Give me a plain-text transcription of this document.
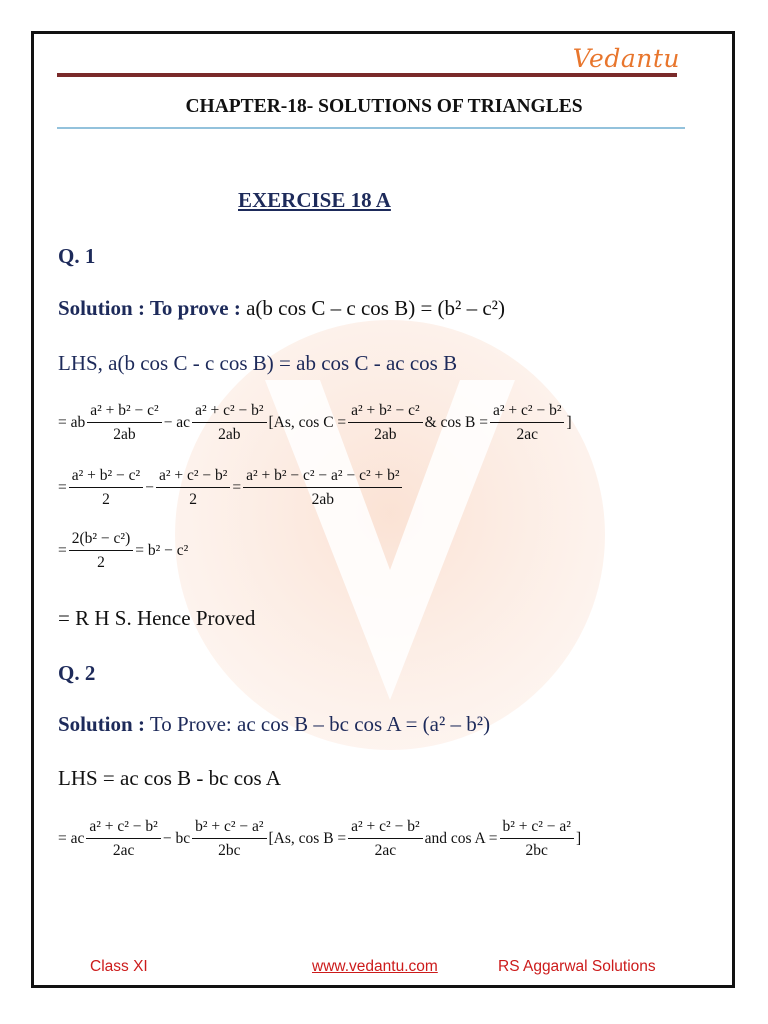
Vedantu
CHAPTER-18- SOLUTIONS OF TRIANGLES
EXERCISE 18 A
Q. 1
Solution : To prove : a(b cos C – c cos B) = (b² – c²)
LHS, a(b cos C - c cos B) = ab cos C - ac cos B
= ab $\frac{\text{a² + b² − c²}}{2ab}$ − ac $\frac{\text{a² + c² − b²}}{2ab} [As$, $\cos C = \frac{\text{a² + b² − c²}}{2ab}$ & $\cos B = \frac{\text{a² + c² − b²}}{2ac}$ ]
= $\frac{\text{a² + b² − c²}}{2} - \frac{\text{a² + c² − b²}}{2} = \frac{\text{a² + b² − c² − a² − c² + b²}}{2ab}$
= $\frac{\text{2(b² − c²)}}{2} = b^2 - c^2$
= R H S. Hence Proved
Q. 2
Solution : To Prove: ac cos B – bc cos A = (a² – b²)
LHS = ac cos B - bc cos A
= ac $\frac{\text{a² + c² − b²}}{2ac}$ − bc $\frac{\text{b² + c² − a²}}{2bc} [As$, $\cos B = \frac{\text{a² + c² − b²}}{2ac}$ and $\cos A = \frac{\text{b² + c² − a²}}{2bc}$ ]
Class XI	www.vedantu.com	RS Aggarwal Solutions
